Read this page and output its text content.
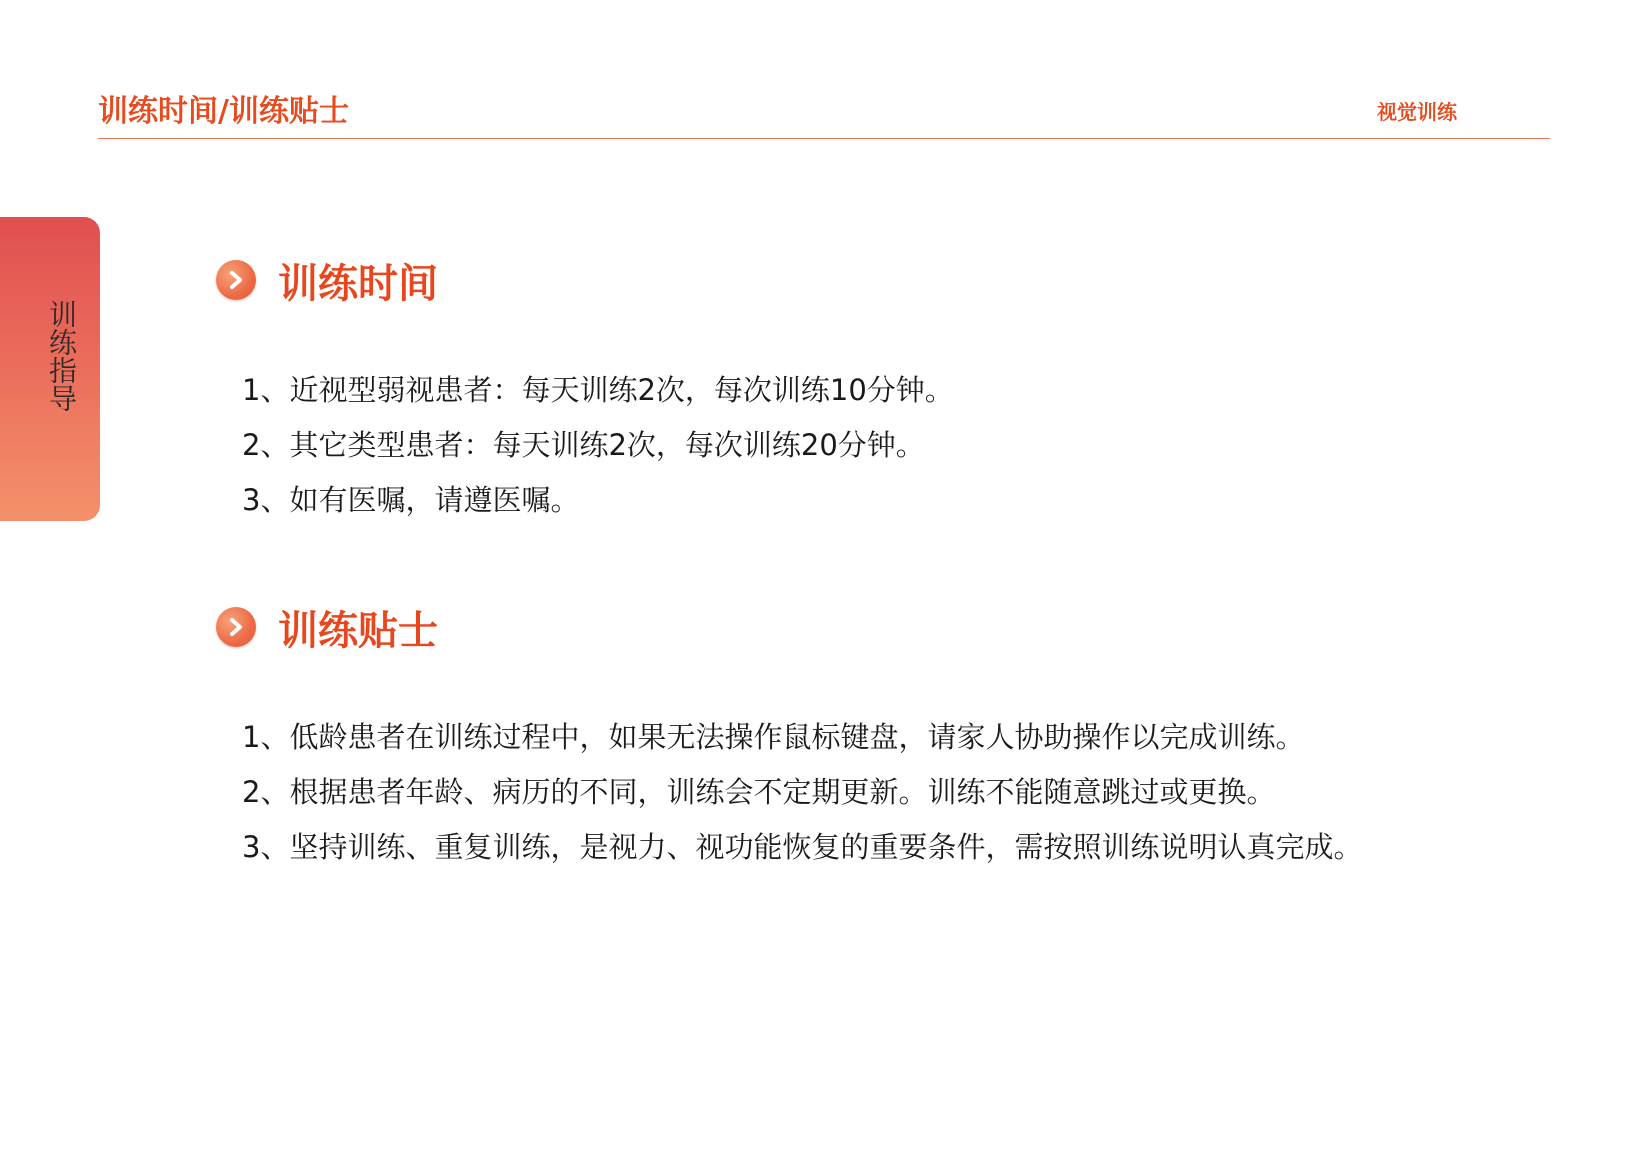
训练时间/训练贴士	视觉训练
训练指导
训练时间
1、近视型弱视患者：每天训练2次，每次训练10分钟。
2、其它类型患者：每天训练2次，每次训练20分钟。
3、如有医嘱，请遵医嘱。
训练贴士
1、低龄患者在训练过程中，如果无法操作鼠标键盘，请家人协助操作以完成训练。
2、根据患者年龄、病历的不同，训练会不定期更新。训练不能随意跳过或更换。
3、坚持训练、重复训练，是视力、视功能恢复的重要条件，需按照训练说明认真完成。
